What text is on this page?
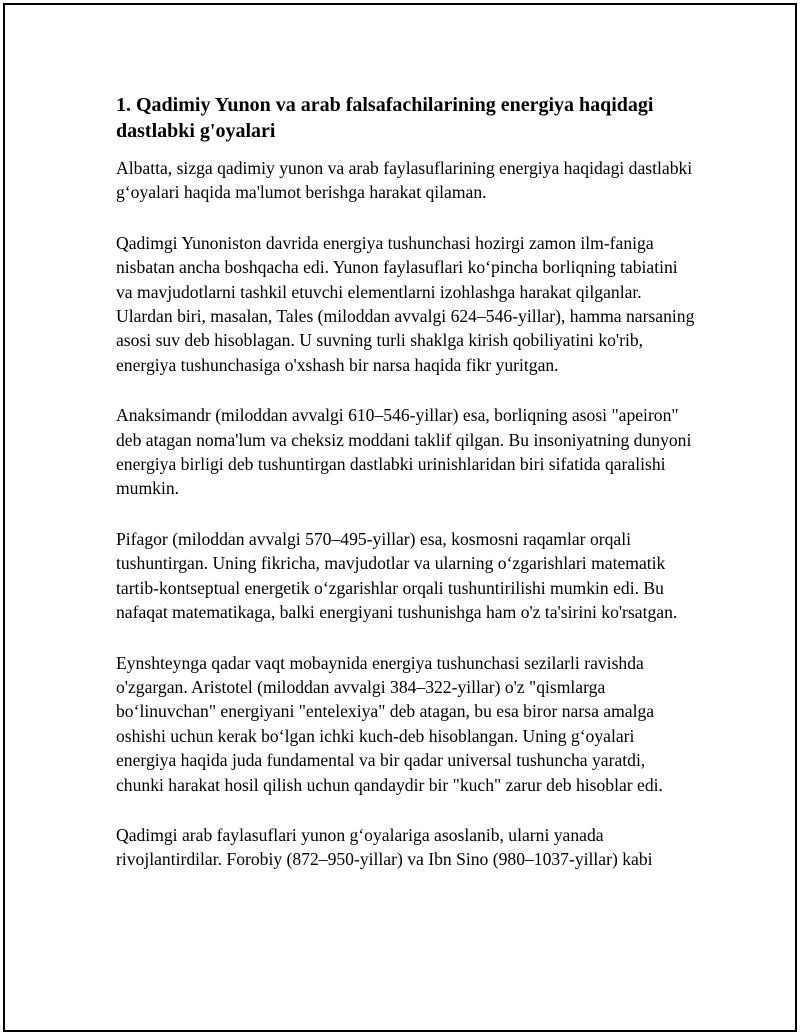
1. Qadimiy Yunon va arab falsafachilarining energiya haqidagi dastlabki g'oyalari

Albatta, sizga qadimiy yunon va arab faylasuflarining energiya haqidagi dastlabki g‘oyalari haqida ma'lumot berishga harakat qilaman.

Qadimgi Yunoniston davrida energiya tushunchasi hozirgi zamon ilm-faniga nisbatan ancha boshqacha edi. Yunon faylasuflari ko‘pincha borliqning tabiatini va mavjudotlarni tashkil etuvchi elementlarni izohlashga harakat qilganlar. Ulardan biri, masalan, Tales (miloddan avvalgi 624–546-yillar), hamma narsaning asosi suv deb hisoblagan. U suvning turli shaklga kirish qobiliyatini ko'rib, energiya tushunchasiga o'xshash bir narsa haqida fikr yuritgan.

Anaksimandr (miloddan avvalgi 610–546-yillar) esa, borliqning asosi "apeiron" deb atagan noma'lum va cheksiz moddani taklif qilgan. Bu insoniyatning dunyoni energiya birligi deb tushuntirgan dastlabki urinishlaridan biri sifatida qaralishi mumkin.

Pifagor (miloddan avvalgi 570–495-yillar) esa, kosmosni raqamlar orqali tushuntirgan. Uning fikricha, mavjudotlar va ularning o‘zgarishlari matematik tartib-kontseptual energetik o‘zgarishlar orqali tushuntirilishi mumkin edi. Bu nafaqat matematikaga, balki energiyani tushunishga ham o'z ta'sirini ko'rsatgan.

Eynshteynga qadar vaqt mobaynida energiya tushunchasi sezilarli ravishda o'zgargan. Aristotel (miloddan avvalgi 384–322-yillar) o'z "qismlarga bo‘linuvchan" energiyani "entelexiya" deb atagan, bu esa biror narsa amalga oshishi uchun kerak bo‘lgan ichki kuch-deb hisoblangan. Uning g‘oyalari energiya haqida juda fundamental va bir qadar universal tushuncha yaratdi, chunki harakat hosil qilish uchun qandaydir bir "kuch" zarur deb hisoblar edi.

Qadimgi arab faylasuflari yunon g‘oyalariga asoslanib, ularni yanada rivojlantirdilar. Forobiy (872–950-yillar) va Ibn Sino (980–1037-yillar) kabi
